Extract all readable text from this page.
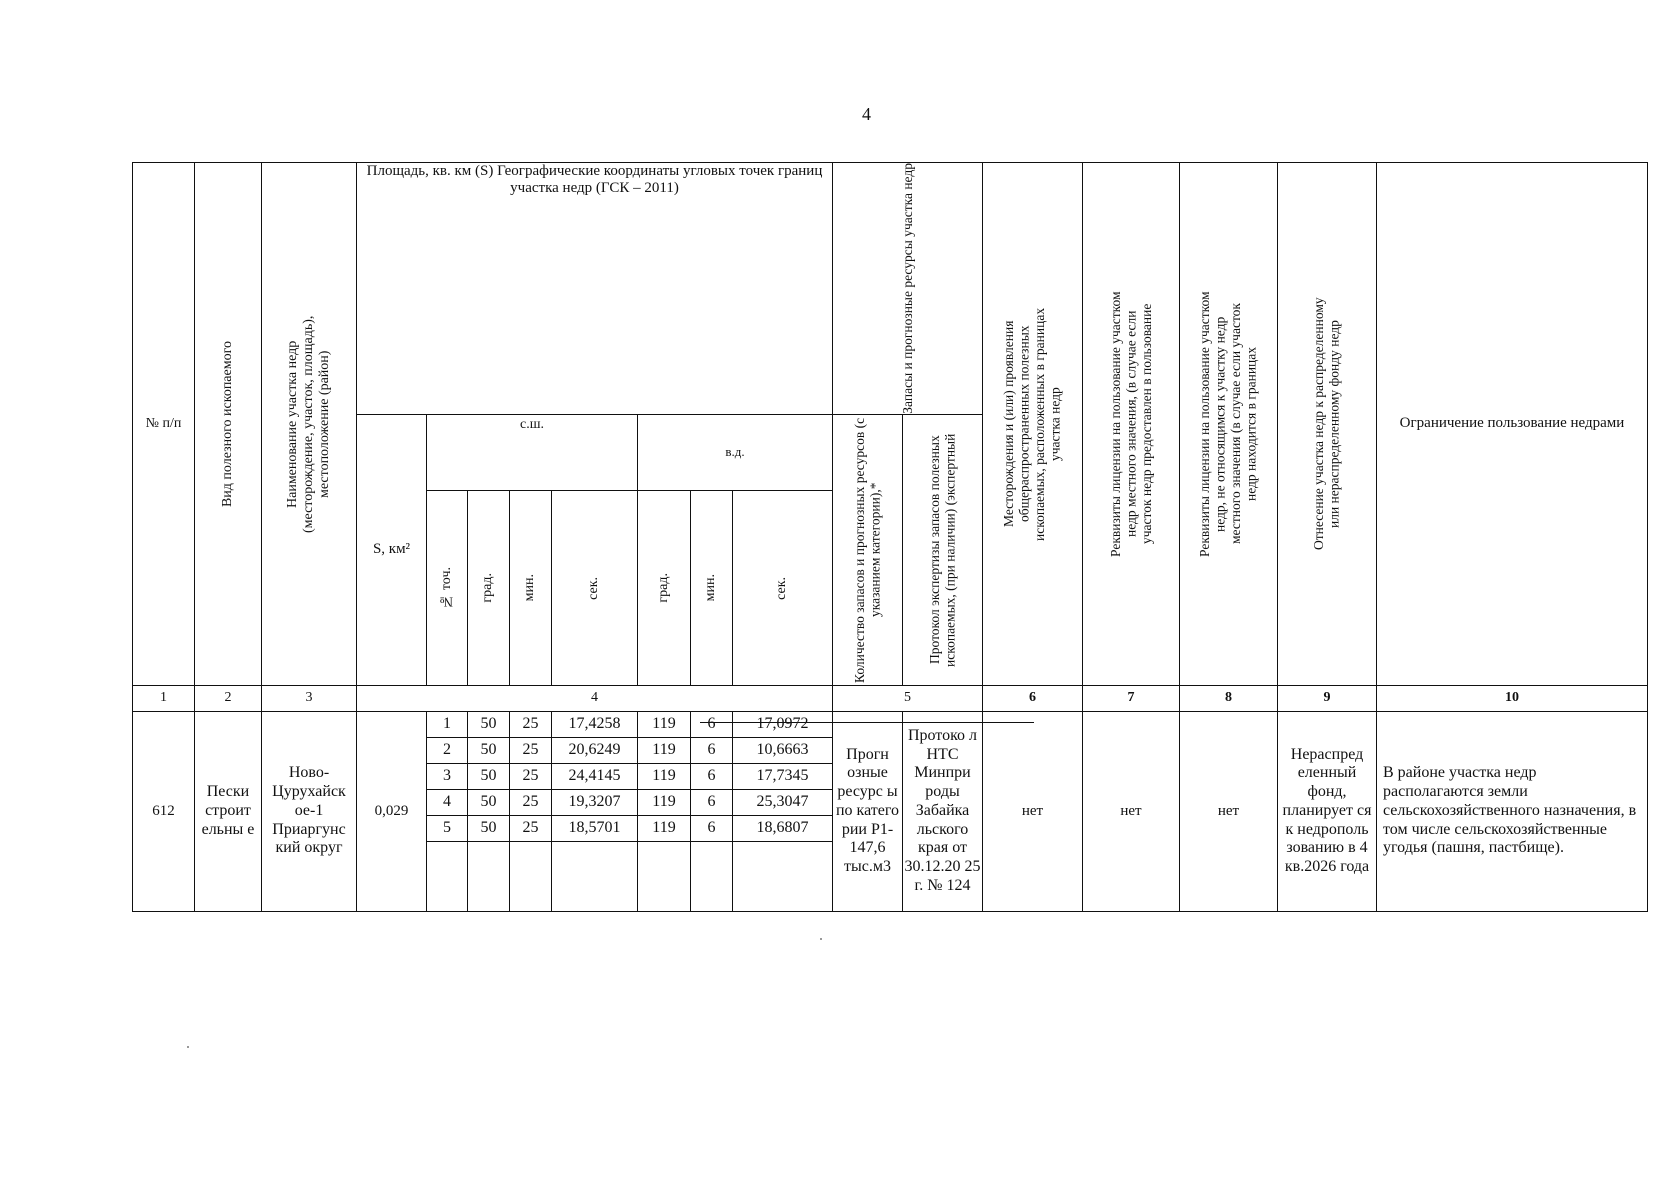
4
№ п/п	Вид полезного ископаемого	Наименование участка недр (месторождение, участок, площадь), местоположение (район)	Площадь, кв. км (S) Географические координаты угловых точек границ участка недр (ГСК – 2011)								Запасы и прогнозные ресурсы участка недр		Месторождения и (или) проявления общераспространенных полезных ископаемых, расположенных в границах участка недр	Реквизиты лицензии на пользование участком недр местного значения, (в случае если участок недр предоставлен в пользование	Реквизиты лицензии на пользование участком недр, не относящимся к участку недр местного значения (в случае если участок недр находится в границах	Отнесение участка недр к распределенному или нераспределенному фонду недр	Ограничение пользование недрами
			S, км²	с.ш.				в.д.			Количество запасов и прогнозных ресурсов (с указанием категории),*	Протокол экспертизы запасов полезных ископаемых, (при наличии) (экспертный					

				№ точ.	град.	мин.	сек.	град.	мин.	сек.							

1	2	3	4								5		6	7	8	9	10
612	Пески строит ельны е	Ново-Цурухайск ое-1 Приаргунс кий округ	0,029	1	50	25	17,4258	119	6	17,0972	Прогн озные ресурс ы по катего рии Р1- 147,6 тыс.м3	Протоко л НТС Минпри роды Забайка льского края от 30.12.20 25 г. № 124	нет	нет	нет	Нераспред еленный фонд, планирует ся к недрополь зованию в 4 кв.2026 года	В районе участка недр располагаются земли сельскохозяйственного назначения, в том числе сельскохозяйственные угодья (пашня, пастбище).
				2	50	25	20,6249	119	6	10,6663							
				3	50	25	24,4145	119	6	17,7345							
				4	50	25	19,3207	119	6	25,3047							
				5	50	25	18,5701	119	6	18,6807							
